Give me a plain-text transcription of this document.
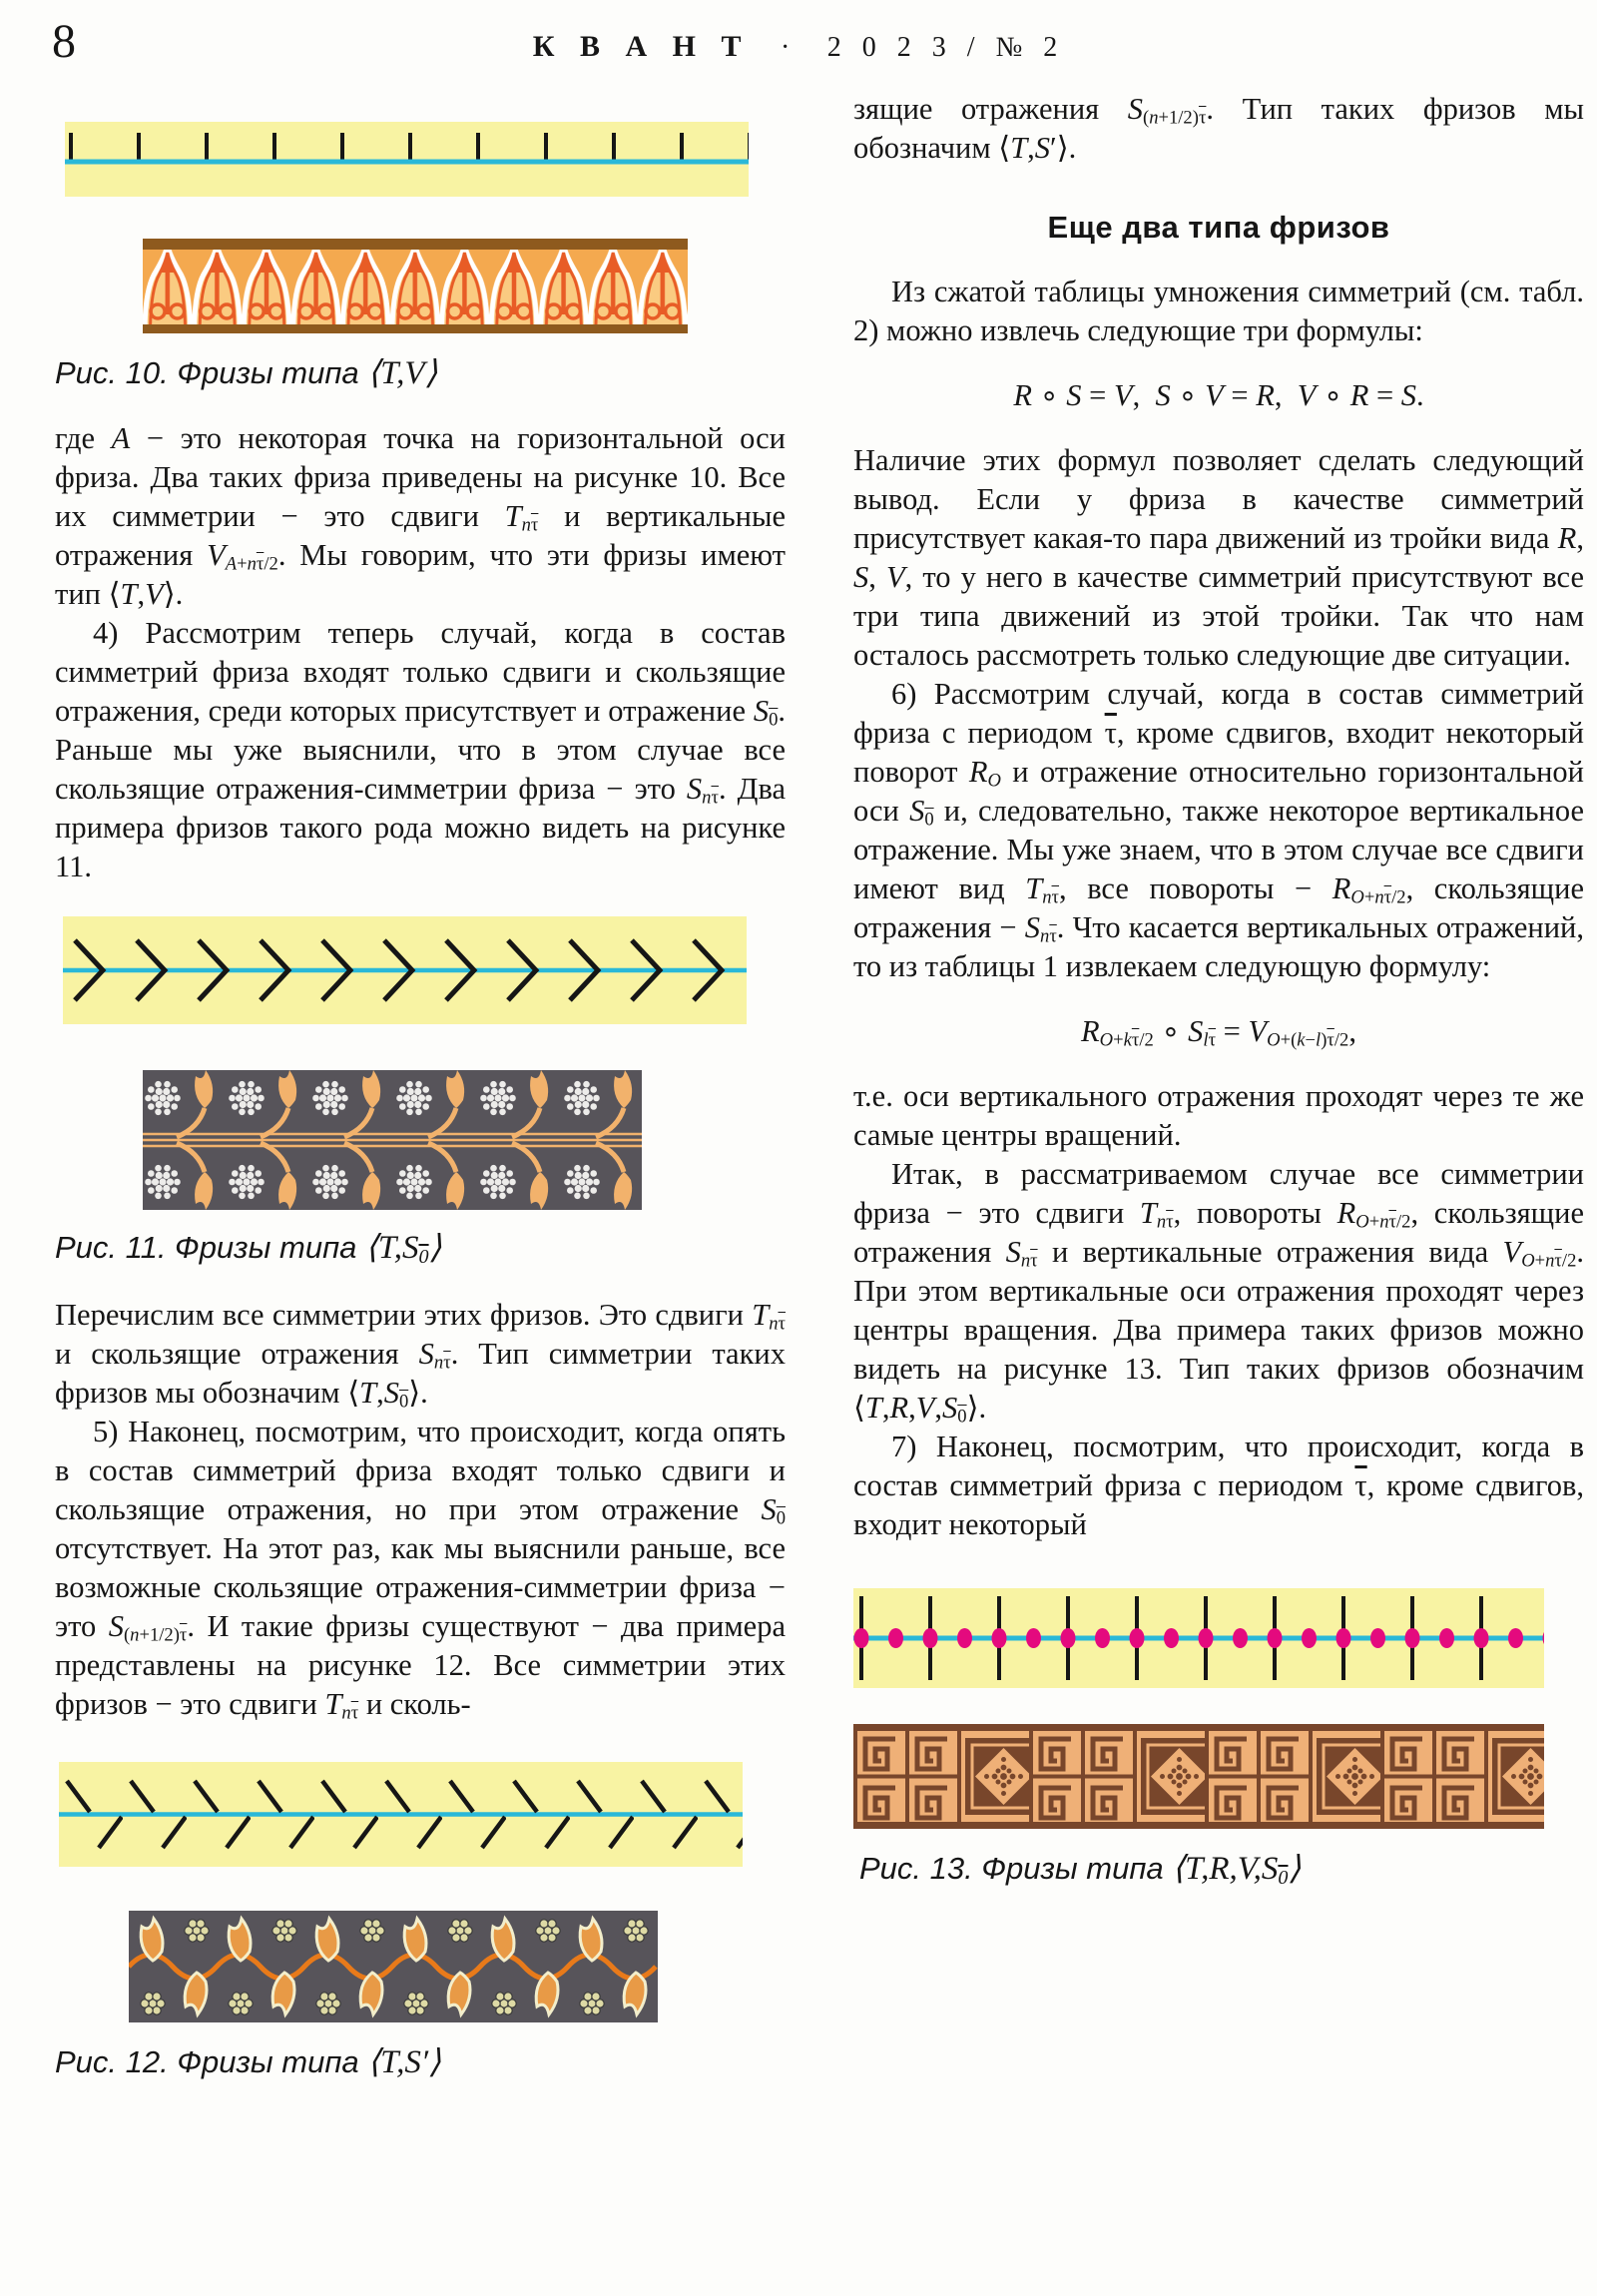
8	К В А Н Т · 2 0 2 3 / № 2
Рис. 10. Фризы типа ⟨T,V⟩

где A − это некоторая точка на горизонтальной оси фриза. Два таких фриза приведены на рисунке 10. Все их симметрии − это сдвиги $T_{n\overline{\tau}}$ и вертикальные отражения $V_{A+n\overline{\tau}/2}$. Мы говорим, что эти фризы имеют тип ⟨T,V⟩.

4) Рассмотрим теперь случай, когда в состав симметрий фриза входят только сдвиги и скользящие отражения, среди которых присутствует и отражение $S_0$. Раньше мы уже выяснили, что в этом случае все скользящие отражения-симметрии фриза − это $S_{n\overline{\tau}}$. Два примера фризов такого рода можно видеть на рисунке 11.

Рис. 11. Фризы типа $⟨T,S_0⟩$

Перечислим все симметрии этих фризов. Это сдвиги $T_{n\overline{\tau}}$ и скользящие отражения $S_{n\overline{\tau}}$. Тип симметрии таких фризов мы обозначим $⟨T,S_0⟩$.

5) Наконец, посмотрим, что происходит, когда опять в состав симметрий фриза входят только сдвиги и скользящие отражения, но при этом отражение $S_0$ отсутствует. На этот раз, как мы выяснили раньше, все возможные скользящие отражения-симметрии фриза − это $S_{(n+1/2)\overline{\tau}}$. И такие фризы существуют − два примера представлены на рисунке 12. Все симметрии этих фризов − это сдвиги $T_{n\overline{\tau}}$ и сколь-

Рис. 12. Фризы типа ⟨T,S′⟩

зящие отражения $S_{(n+1/2)\overline{\tau}}$. Тип таких фризов мы обозначим ⟨T,S′⟩.

Еще два типа фризов

Из сжатой таблицы умножения симметрий (см. табл. 2) можно извлечь следующие три формулы:

R ∘ S = V,  S ∘ V = R,  V ∘ R = S.

Наличие этих формул позволяет сделать следующий вывод. Если у фриза в качестве симметрий присутствует какая-то пара движений из тройки вида R, S, V, то у него в качестве симметрий присутствуют все три типа движений из этой тройки. Так что нам осталось рассмотреть только следующие две ситуации.

6) Рассмотрим случай, когда в состав симметрий фриза с периодом $\overline{\tau}$, кроме сдвигов, входит некоторый поворот $R_O$ и отражение относительно горизонтальной оси $S_0$ и, следовательно, также некоторое вертикальное отражение. Мы уже знаем, что в этом случае все сдвиги имеют вид $T_{n\overline{\tau}}$, все повороты − $R_{O+n\overline{\tau}/2}$, скользящие отражения − $S_{n\overline{\tau}}$. Что касается вертикальных отражений, то из таблицы 1 извлекаем следующую формулу:

$R_{O+k\overline{\tau}/2}$ ∘ $S_{l\overline{\tau}} = V_{O+(k-l)\overline{\tau}/2}$,

т.е. оси вертикального отражения проходят через те же самые центры вращений.

Итак, в рассматриваемом случае все симметрии фриза − это сдвиги $T_{n\overline{\tau}}$, повороты $R_{O+n\overline{\tau}/2}$, скользящие отражения $S_{n\overline{\tau}}$ и вертикальные отражения вида $V_{O+n\overline{\tau}/2}$. При этом вертикальные оси отражения проходят через центры вращения. Два примера таких фризов можно видеть на рисунке 13. Тип таких фризов обозначим $⟨T,R,V,S_0⟩$.

7) Наконец, посмотрим, что происходит, когда в состав симметрий фриза с периодом $\overline{\tau}$, кроме сдвигов, входит некоторый

Рис. 13. Фризы типа $⟨T,R,V,S_0⟩$
